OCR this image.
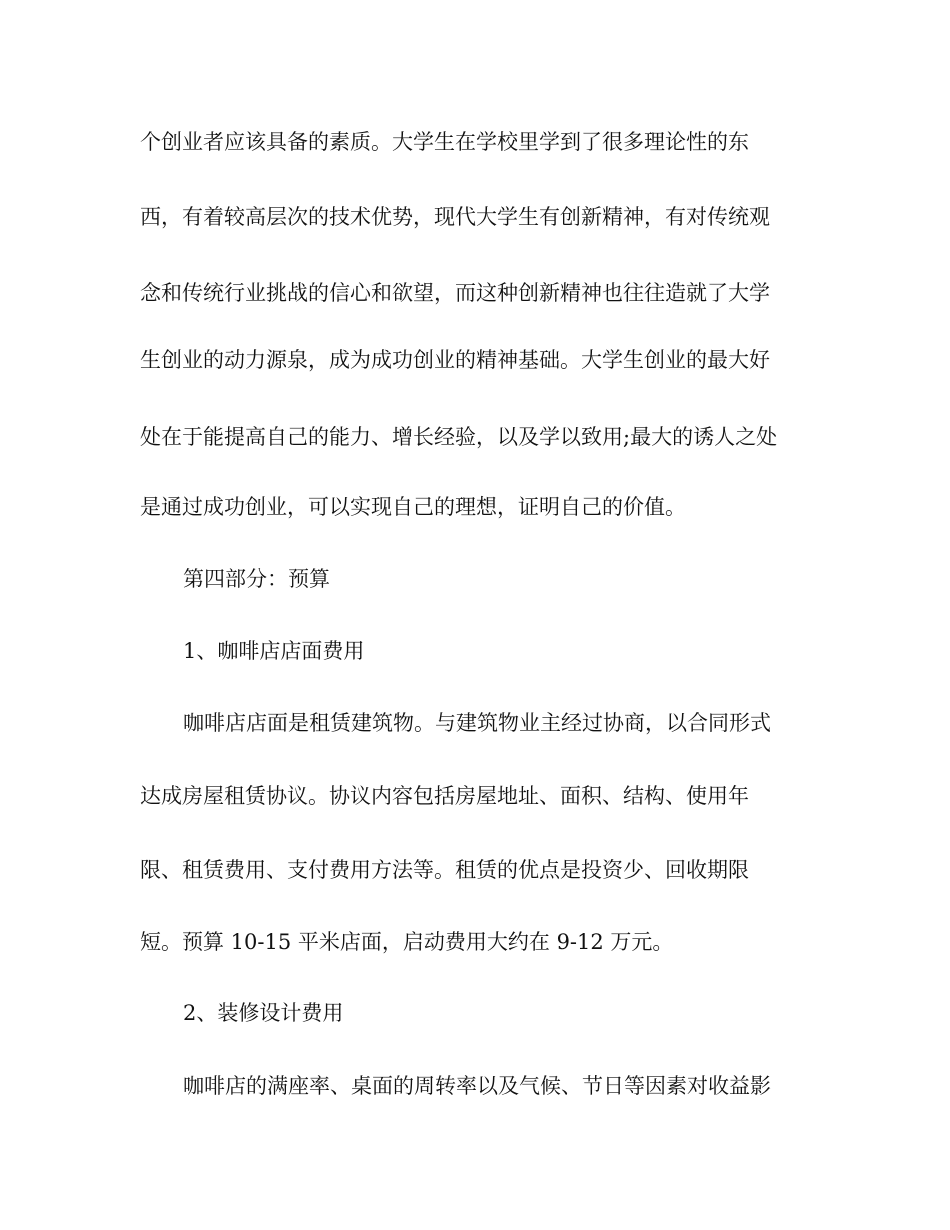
个创业者应该具备的素质。大学生在学校里学到了很多理论性的东

西，有着较高层次的技术优势，现代大学生有创新精神，有对传统观

念和传统行业挑战的信心和欲望，而这种创新精神也往往造就了大学

生创业的动力源泉，成为成功创业的精神基础。大学生创业的最大好

处在于能提高自己的能力、增长经验，以及学以致用;最大的诱人之处

是通过成功创业，可以实现自己的理想，证明自己的价值。

第四部分：预算

1、咖啡店店面费用

咖啡店店面是租赁建筑物。与建筑物业主经过协商，以合同形式

达成房屋租赁协议。协议内容包括房屋地址、面积、结构、使用年

限、租赁费用、支付费用方法等。租赁的优点是投资少、回收期限

短。预算 10-15 平米店面，启动费用大约在 9-12 万元。

2、装修设计费用

咖啡店的满座率、桌面的周转率以及气候、节日等因素对收益影
